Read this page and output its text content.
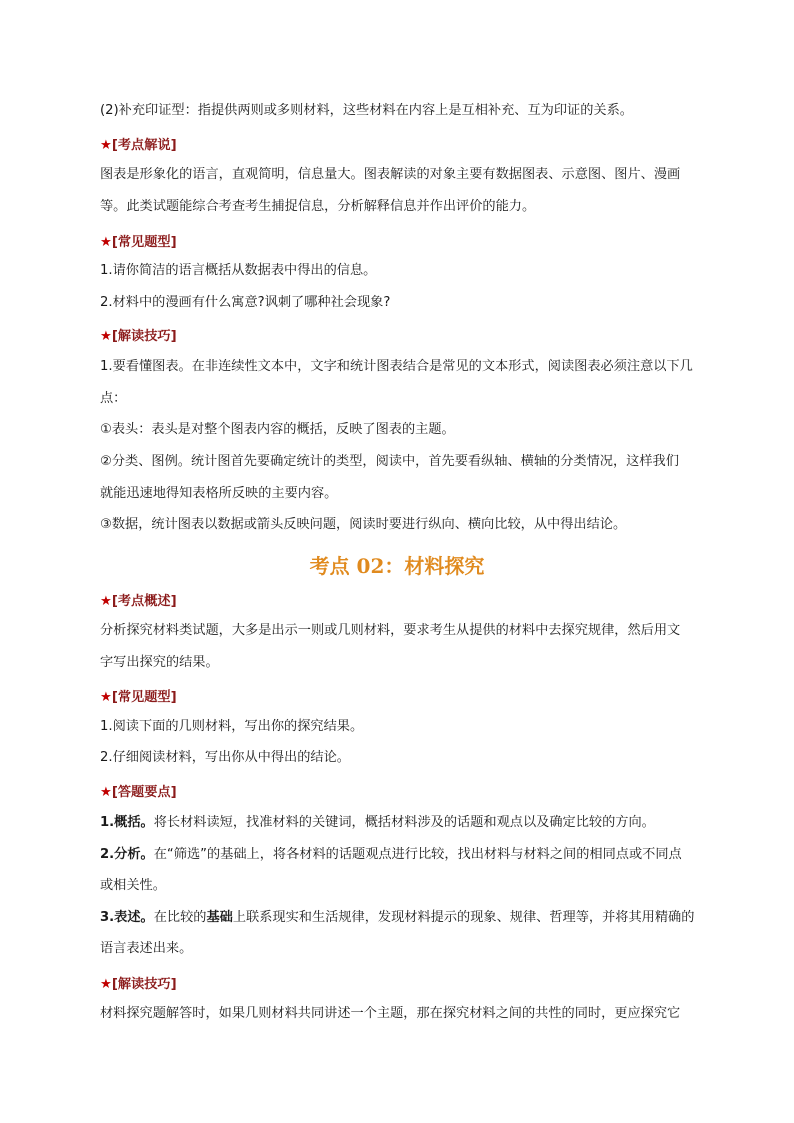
(2)补充印证型：指提供两则或多则材料，这些材料在内容上是互相补充、互为印证的关系。
★[考点解说]
图表是形象化的语言，直观简明，信息量大。图表解读的对象主要有数据图表、示意图、图片、漫画
等。此类试题能综合考查考生捕捉信息，分析解释信息并作出评价的能力。
★[常见题型]
1.请你简洁的语言概括从数据表中得出的信息。
2.材料中的漫画有什么寓意?讽刺了哪种社会现象?
★[解读技巧]
1.要看懂图表。在非连续性文本中，文字和统计图表结合是常见的文本形式，阅读图表必须注意以下几
点：
①表头：表头是对整个图表内容的概括，反映了图表的主题。
②分类、图例。统计图首先要确定统计的类型，阅读中，首先要看纵轴、横轴的分类情况，这样我们
就能迅速地得知表格所反映的主要内容。
③数据，统计图表以数据或箭头反映问题，阅读时要进行纵向、横向比较，从中得出结论。
考点 02：材料探究
★[考点概述]
分析探究材料类试题，大多是出示一则或几则材料，要求考生从提供的材料中去探究规律，然后用文
字写出探究的结果。
★[常见题型]
1.阅读下面的几则材料，写出你的探究结果。
2.仔细阅读材料，写出你从中得出的结论。
★[答题要点]
1.概括。将长材料读短，找准材料的关键词，概括材料涉及的话题和观点以及确定比较的方向。
2.分析。在“筛选”的基础上，将各材料的话题观点进行比较，找出材料与材料之间的相同点或不同点
或相关性。
3.表述。在比较的基础上联系现实和生活规律，发现材料提示的现象、规律、哲理等，并将其用精确的
语言表述出来。
★[解读技巧]
材料探究题解答时，如果几则材料共同讲述一个主题，那在探究材料之间的共性的同时，更应探究它
